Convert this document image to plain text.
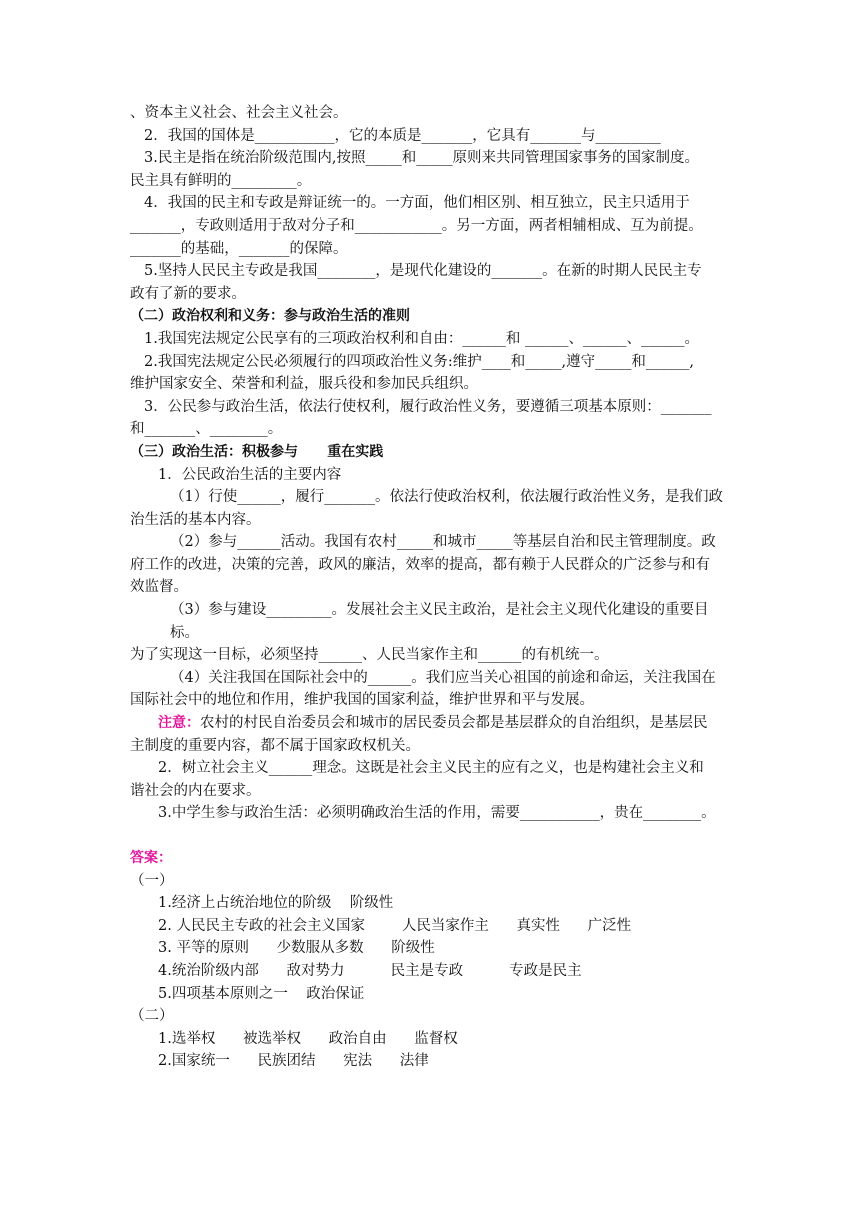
、资本主义社会、社会主义社会。

2．我国的国体是___________，它的本质是_______，它具有_______与_________

3.民主是指在统治阶级范围内,按照_____和_____原则来共同管理国家事务的国家制度。

民主具有鲜明的_________。

4．我国的民主和专政是辩证统一的。一方面，他们相区别、相互独立，民主只适用于

_______，专政则适用于敌对分子和____________。另一方面，两者相辅相成、互为前提。

_______的基础，_______的保障。

5.坚持人民民主专政是我国________，是现代化建设的_______。在新的时期人民民主专

政有了新的要求。

（二）政治权利和义务：参与政治生活的准则

1.我国宪法规定公民享有的三项政治权利和自由：______和 ______、______、______。

2.我国宪法规定公民必须履行的四项政治性义务:维护____和_____,遵守_____和______,

维护国家安全、荣誉和利益，服兵役和参加民兵组织。

3．公民参与政治生活，依法行使权利，履行政治性义务，要遵循三项基本原则：_______

和_______、________。

（三）政治生活：积极参与      重在实践

1．公民政治生活的主要内容

（1）行使______，履行_______。依法行使政治权利，依法履行政治性义务，是我们政

治生活的基本内容。

（2）参与______活动。我国有农村_____和城市_____等基层自治和民主管理制度。政

府工作的改进，决策的完善，政风的廉洁，效率的提高，都有赖于人民群众的广泛参与和有

效监督。

（3）参与建设_________。发展社会主义民主政治，是社会主义现代化建设的重要目标。

为了实现这一目标，必须坚持______、人民当家作主和______的有机统一。

（4）关注我国在国际社会中的______。我们应当关心祖国的前途和命运，关注我国在

国际社会中的地位和作用，维护我国的国家利益，维护世界和平与发展。

注意：农村的村民自治委员会和城市的居民委员会都是基层群众的自治组织，是基层民

主制度的重要内容，都不属于国家政权机关。

2．树立社会主义______理念。这既是社会主义民主的应有之义，也是构建社会主义和

谐社会的内在要求。

3.中学生参与政治生活：必须明确政治生活的作用，需要___________，贵在________。

答案：

（一）

1.经济上占统治地位的阶级    阶级性

2. 人民民主专政的社会主义国家        人民当家作主      真实性      广泛性

3. 平等的原则      少数服从多数      阶级性

4.统治阶级内部      敌对势力          民主是专政          专政是民主

5.四项基本原则之一    政治保证

（二）

1.选举权      被选举权      政治自由      监督权

2.国家统一      民族团结      宪法      法律
